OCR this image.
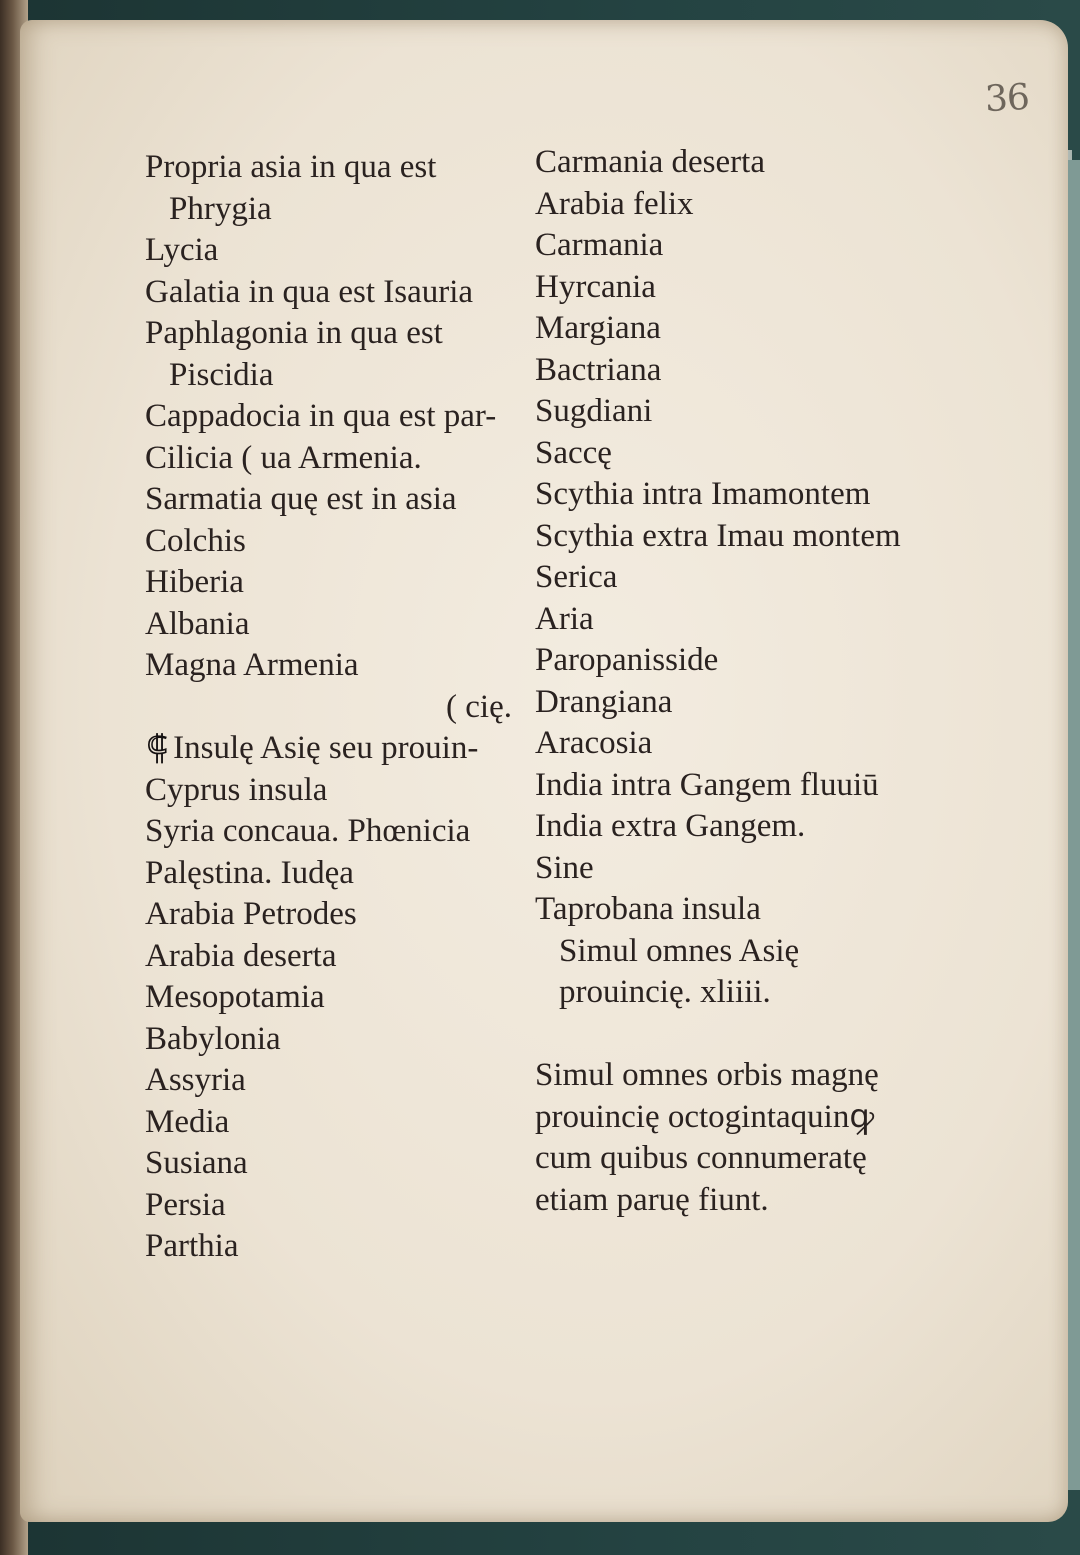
36
Propria asia in qua est
Phrygia
Lycia
Galatia in qua est Isauria
Paphlagonia in qua est
Piscidia
Cappadocia in qua est par-
Cilicia ( ua Armenia.
Sarmatia quę est in asia
Colchis
Hiberia
Albania
Magna Armenia
( cię.
⸿ Insulę Asię seu prouin-
Cyprus insula
Syria concaua. Phœnicia
Palęstina. Iudęa
Arabia Petrodes
Arabia deserta
Mesopotamia
Babylonia
Assyria
Media
Susiana
Persia
Parthia
Carmania deserta
Arabia felix
Carmania
Hyrcania
Margiana
Bactriana
Sugdiani
Saccę
Scythia intra Imamontem
Scythia extra Imau montem
Serica
Aria
Paropanisside
Drangiana
Aracosia
India intra Gangem fluuiū
India extra Gangem.
Sine
Taprobana insula
Simul omnes Asię
prouincię. xliiii.
Simul omnes orbis magnę
prouincię octogintaquinꝙ
cum quibus connumeratę
etiam paruę fiunt.
